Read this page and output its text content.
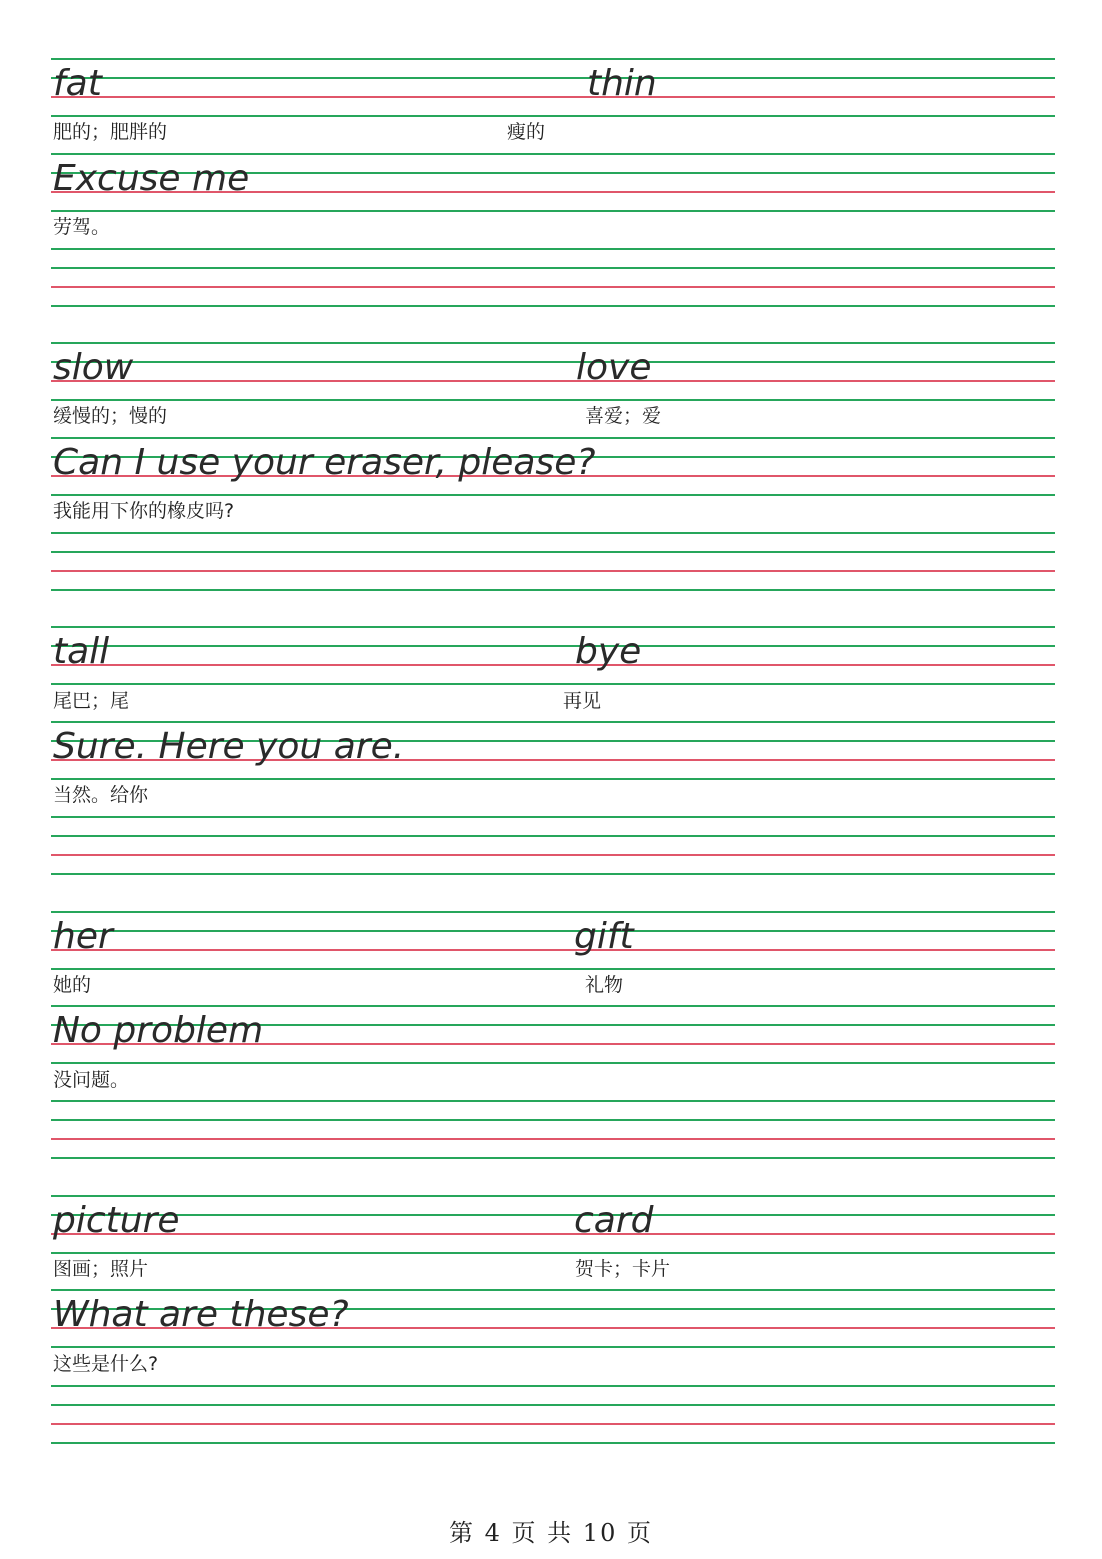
fat	thin
肥的；肥胖的	瘦的
Excuse me
劳驾。
slow	love
缓慢的；慢的	喜爱；爱
Can I use your eraser, please?
我能用下你的橡皮吗?
tall	bye
尾巴；尾	再见
Sure. Here you are.
当然。给你
her	gift
她的	礼物
No problem
没问题。
picture	card
图画；照片	贺卡；卡片
What are these?
这些是什么?
第 4 页 共 10 页
